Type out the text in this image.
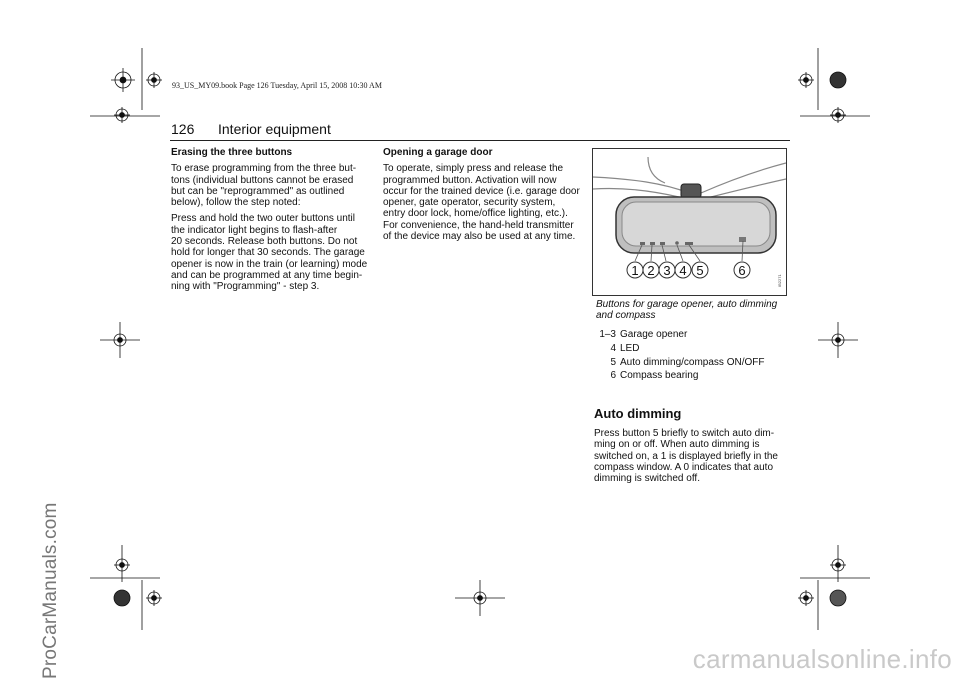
ProCarManuals.com	carmanualsonline.info
93_US_MY09.book Page 126 Tuesday, April 15, 2008 10:30 AM
126 Interior equipment
Erasing the three buttons

To erase programming from the three but-
tons (individual buttons cannot be erased
but can be "reprogrammed" as outlined
below), follow the step noted:

Press and hold the two outer buttons until
the indicator light begins to flash-after
20 seconds. Release both buttons. Do not
hold for longer that 30 seconds. The garage
opener is now in the train (or learning) mode
and can be programmed at any time begin-
ning with "Programming" - step 3.

Opening a garage door

To operate, simply press and release the
programmed button. Activation will now
occur for the trained device (i.e. garage door
opener, gate operator, security system,
entry door lock, home/office lighting, etc.).
For convenience, the hand-held transmitter
of the device may also be used at any time.

1 2 3 4 5	6
IB2271
Buttons for garage opener, auto dimming and compass
1–3 Garage opener
4 LED
5 Auto dimming/compass ON/OFF
6 Compass bearing
Auto dimming
Press button 5 briefly to switch auto dim-
ming on or off. When auto dimming is
switched on, a 1 is displayed briefly in the
compass window. A 0 indicates that auto
dimming is switched off.
